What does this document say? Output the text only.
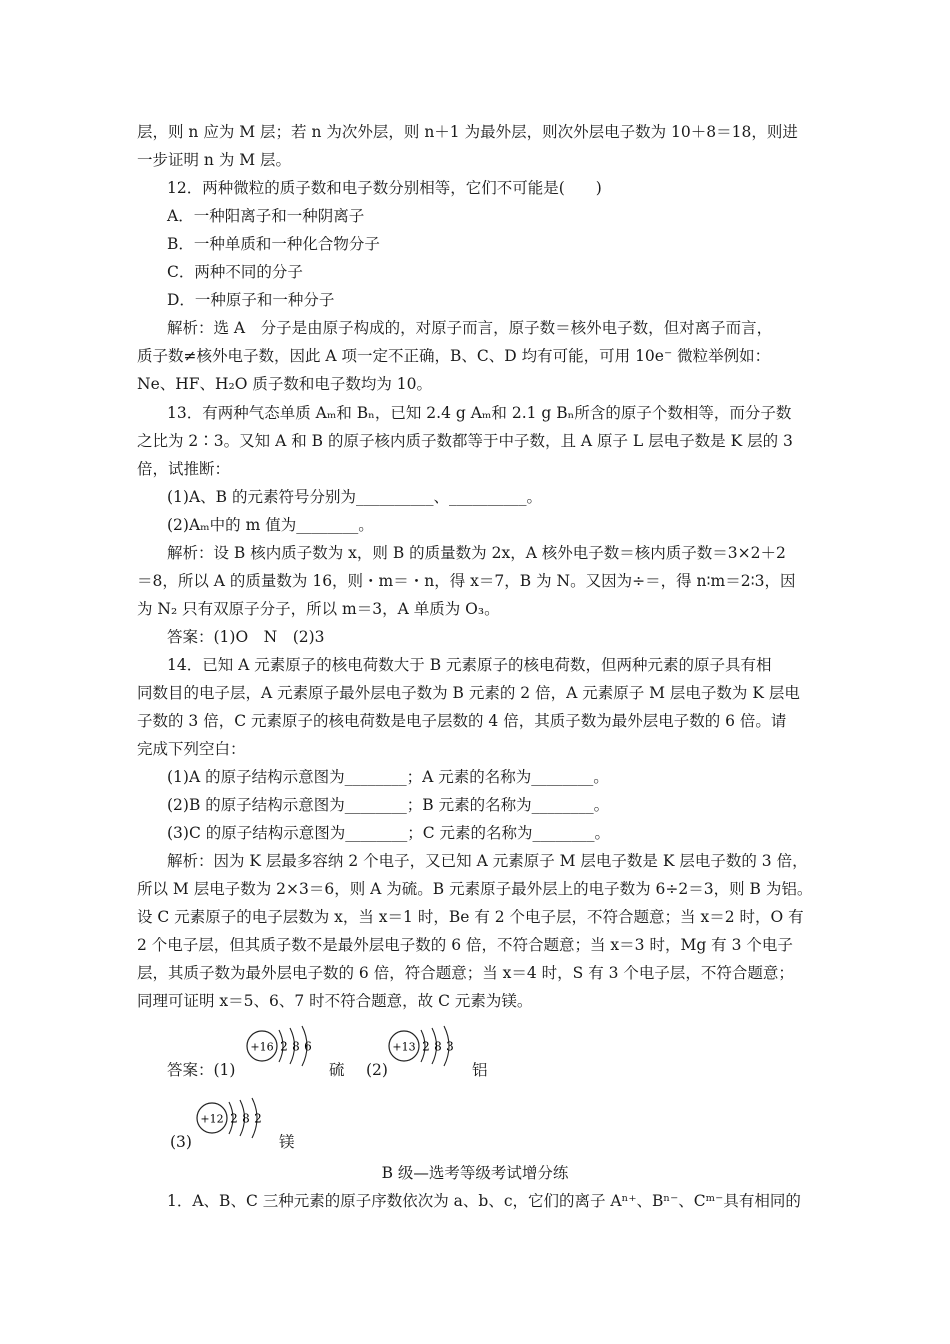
层，则 n 应为 M 层；若 n 为次外层，则 n＋1 为最外层，则次外层电子数为 10＋8＝18，则进
一步证明 n 为 M 层。
12．两种微粒的质子数和电子数分别相等，它们不可能是(　　)
A．一种阳离子和一种阴离子
B．一种单质和一种化合物分子
C．两种不同的分子
D．一种原子和一种分子
解析：选 A　分子是由原子构成的，对原子而言，原子数＝核外电子数，但对离子而言，
质子数≠核外电子数，因此 A 项一定不正确，B、C、D 均有可能，可用 10e⁻ 微粒举例如：
Ne、HF、H₂O 质子数和电子数均为 10。
13．有两种气态单质 Aₘ和 Bₙ，已知 2.4 g Aₘ和 2.1 g Bₙ所含的原子个数相等，而分子数
之比为 2∶3。又知 A 和 B 的原子核内质子数都等于中子数，且 A 原子 L 层电子数是 K 层的 3
倍，试推断：
(1)A、B 的元素符号分别为__________、__________。
(2)Aₘ中的 m 值为________。
解析：设 B 核内质子数为 x，则 B 的质量数为 2x，A 核外电子数＝核内质子数＝3×2＋2
＝8，所以 A 的质量数为 16，则・m＝・n，得 x＝7，B 为 N。又因为÷＝，得 n∶m＝2∶3，因
为 N₂ 只有双原子分子，所以 m＝3，A 单质为 O₃。
答案：(1)O　N　(2)3
14．已知 A 元素原子的核电荷数大于 B 元素原子的核电荷数，但两种元素的原子具有相
同数目的电子层，A 元素原子最外层电子数为 B 元素的 2 倍，A 元素原子 M 层电子数为 K 层电
子数的 3 倍，C 元素原子的核电荷数是电子层数的 4 倍，其质子数为最外层电子数的 6 倍。请
完成下列空白：
(1)A 的原子结构示意图为________；A 元素的名称为________。
(2)B 的原子结构示意图为________；B 元素的名称为________。
(3)C 的原子结构示意图为________；C 元素的名称为________。
解析：因为 K 层最多容纳 2 个电子，又已知 A 元素原子 M 层电子数是 K 层电子数的 3 倍，
所以 M 层电子数为 2×3＝6，则 A 为硫。B 元素原子最外层上的电子数为 6÷2＝3，则 B 为铝。
设 C 元素原子的电子层数为 x，当 x＝1 时，Be 有 2 个电子层，不符合题意；当 x＝2 时，O 有
2 个电子层，但其质子数不是最外层电子数的 6 倍，不符合题意；当 x＝3 时，Mg 有 3 个电子
层，其质子数为最外层电子数的 6 倍，符合题意；当 x＝4 时，S 有 3 个电子层，不符合题意；
同理可证明 x＝5、6、7 时不符合题意，故 C 元素为镁。
答案：(1)
+16 2 8 6
硫 (2)
+13 2 8 3
铝
+12 2 8 2
(3)	镁
B 级—选考等级考试增分练
1．A、B、C 三种元素的原子序数依次为 a、b、c，它们的离子 Aⁿ⁺、Bⁿ⁻、Cᵐ⁻具有相同的
